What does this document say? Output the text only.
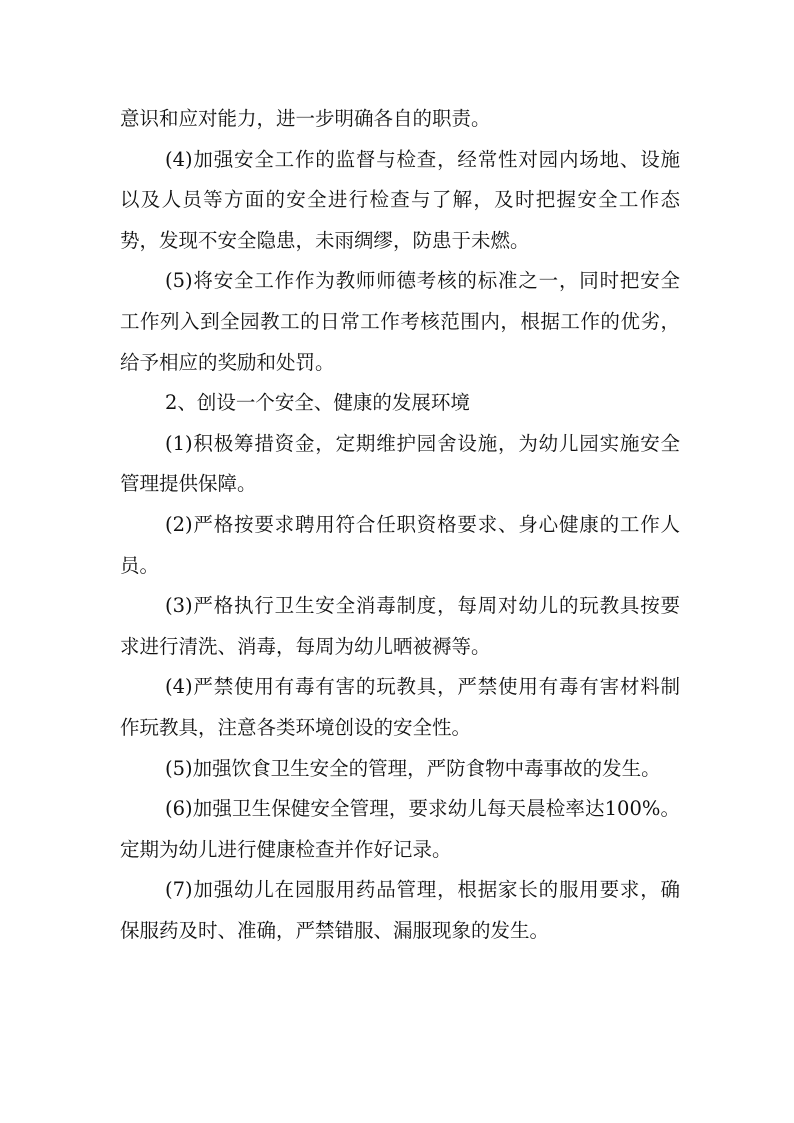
意识和应对能力，进一步明确各自的职责。

(4)加强安全工作的监督与检查，经常性对园内场地、设施以及人员等方面的安全进行检查与了解，及时把握安全工作态势，发现不安全隐患，未雨绸缪，防患于未燃。

(5)将安全工作作为教师师德考核的标准之一，同时把安全工作列入到全园教工的日常工作考核范围内，根据工作的优劣，给予相应的奖励和处罚。

2、创设一个安全、健康的发展环境

(1)积极筹措资金，定期维护园舍设施，为幼儿园实施安全管理提供保障。

(2)严格按要求聘用符合任职资格要求、身心健康的工作人员。

(3)严格执行卫生安全消毒制度，每周对幼儿的玩教具按要求进行清洗、消毒，每周为幼儿晒被褥等。

(4)严禁使用有毒有害的玩教具，严禁使用有毒有害材料制作玩教具，注意各类环境创设的安全性。

(5)加强饮食卫生安全的管理，严防食物中毒事故的发生。

(6)加强卫生保健安全管理，要求幼儿每天晨检率达100%。定期为幼儿进行健康检查并作好记录。

(7)加强幼儿在园服用药品管理，根据家长的服用要求，确保服药及时、准确，严禁错服、漏服现象的发生。
